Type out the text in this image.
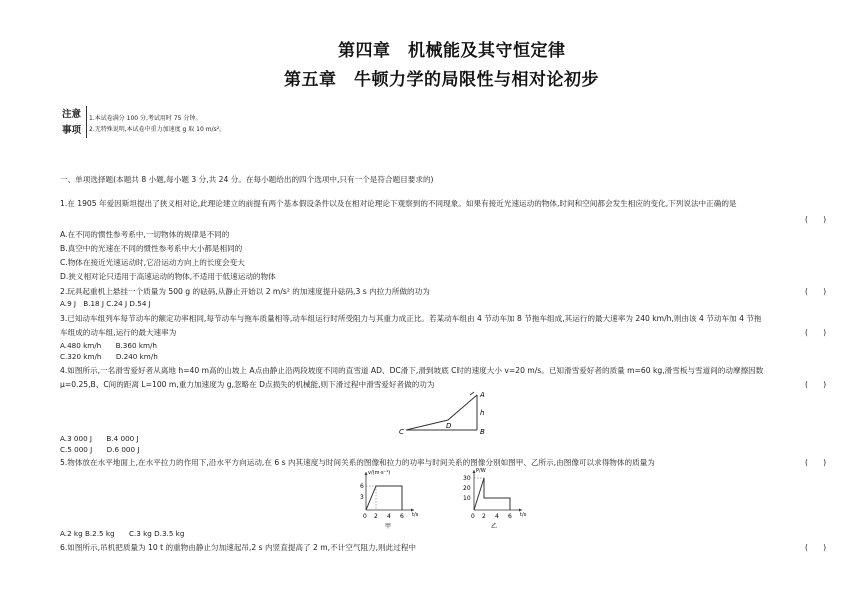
第四章　机械能及其守恒定律
第五章　牛顿力学的局限性与相对论初步
注意
事项
1.本试卷满分 100 分,考试用时 75 分钟。
2.无特殊说明,本试卷中重力加速度 g 取 10 m/s²。
一、单项选择题(本题共 8 小题,每小题 3 分,共 24 分。在每小题给出的四个选项中,只有一个是符合题目要求的)
1.在 1905 年爱因斯坦提出了狭义相对论,此理论建立的前提有两个基本假设条件以及在相对论理论下观察到的不同现象。如果有接近光速运动的物体,时间和空间都会发生相应的变化,下列说法中正确的是
(　　)
A.在不同的惯性参考系中,一切物体的规律是不同的
B.真空中的光速在不同的惯性参考系中大小都是相同的
C.物体在接近光速运动时,它沿运动方向上的长度会变大
D.狭义相对论只适用于高速运动的物体,不适用于低速运动的物体
2.玩具起重机上悬挂一个质量为 500 g 的砝码,从静止开始以 2 m/s² 的加速度提升砝码,3 s 内拉力所做的功为	(　　)
A.9 J　B.18 J C.24 J D.54 J
3.已知动车组列车每节动车的额定功率相同,每节动车与拖车质量相等,动车组运行时所受阻力与其重力成正比。若某动车组由 4 节动车加 8 节拖车组成,其运行的最大速率为 240 km/h,则由该 4 节动车加 4 节拖
车组成的动车组,运行的最大速率为	(　　)
A.480 km/h　　B.360 km/h
C.320 km/h　　D.240 km/h
4.如图所示,一名滑雪爱好者从离地 h=40 m高的山坡上 A点由静止沿两段坡度不同的直雪道 AD、DC滑下,滑到坡底 C时的速度大小 v=20 m/s。已知滑雪爱好者的质量 m=60 kg,滑雪板与雪道间的动摩擦因数
μ=0.25,B、C间的距离 L=100 m,重力加速度为 g,忽略在 D点损失的机械能,则下滑过程中滑雪爱好者做的功为	(　　)
C
D
A
B
h
A.3 000 J　　B.4 000 J
C.5 000 J　　D.6 000 J
5.物体放在水平地面上,在水平拉力的作用下,沿水平方向运动,在 6 s 内其速度与时间关系的图像和拉力的功率与时间关系的图像分别如图甲、乙所示,由图像可以求得物体的质量为	(　　)
v/(m·s⁻¹)
t/s
6
3
0 2 4 6
甲
P/W
t/s
30
20
10
0 2 4 6
乙
A.2 kg B.2.5 kg　　C.3 kg D.3.5 kg
6.如图所示,吊机把质量为 10 t 的重物由静止匀加速起吊,2 s 内竖直提高了 2 m,不计空气阻力,则此过程中	(　　)
